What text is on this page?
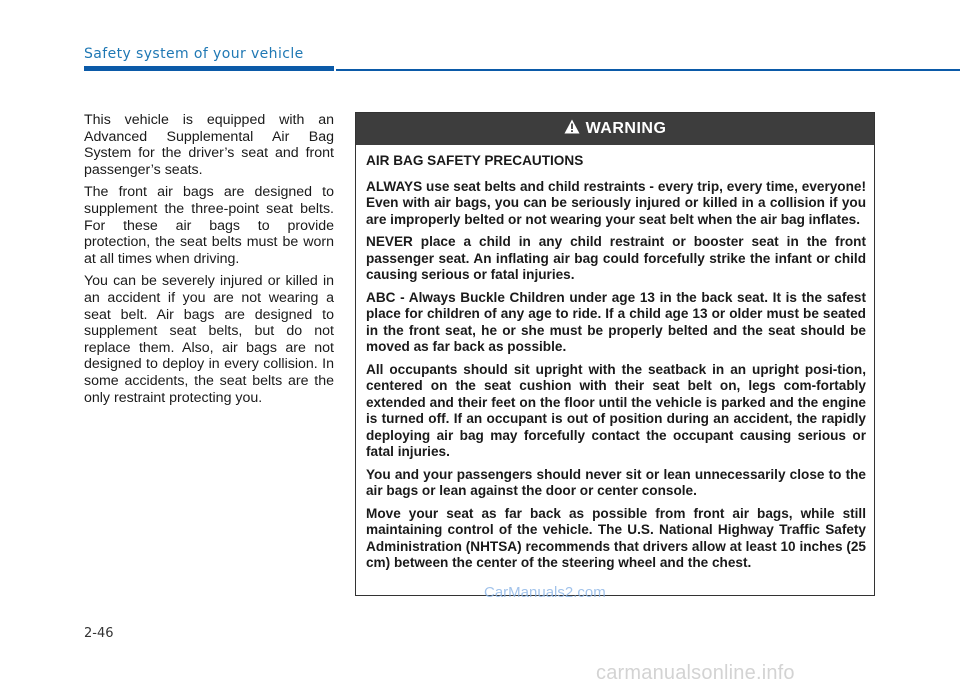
Safety system of your vehicle

This vehicle is equipped with an Advanced Supplemental Air Bag System for the driver’s seat and front passenger’s seats.

The front air bags are designed to supplement the three-point seat belts. For these air bags to provide protection, the seat belts must be worn at all times when driving.

You can be severely injured or killed in an accident if you are not wearing a seat belt. Air bags are designed to supplement seat belts, but do not replace them. Also, air bags are not designed to deploy in every collision. In some accidents, the seat belts are the only restraint protecting you.

WARNING

AIR BAG SAFETY PRECAUTIONS

ALWAYS use seat belts and child restraints - every trip, every time, everyone! Even with air bags, you can be seriously injured or killed in a collision if you are improperly belted or not wearing your seat belt when the air bag inflates.

NEVER place a child in any child restraint or booster seat in the front passenger seat. An inflating air bag could forcefully strike the infant or child causing serious or fatal injuries.

ABC - Always Buckle Children under age 13 in the back seat. It is the safest place for children of any age to ride. If a child age 13 or older must be seated in the front seat, he or she must be properly belted and the seat should be moved as far back as possible.

All occupants should sit upright with the seatback in an upright posi-tion, centered on the seat cushion with their seat belt on, legs com-fortably extended and their feet on the floor until the vehicle is parked and the engine is turned off. If an occupant is out of position during an accident, the rapidly deploying air bag may forcefully contact the occupant causing serious or fatal injuries.

You and your passengers should never sit or lean unnecessarily close to the air bags or lean against the door or center console.

Move your seat as far back as possible from front air bags, while still maintaining control of the vehicle. The U.S. National Highway Traffic Safety Administration (NHTSA) recommends that drivers allow at least 10 inches (25 cm) between the center of the steering wheel and the chest.

CarManuals2.com
2-46
carmanualsonline.info
